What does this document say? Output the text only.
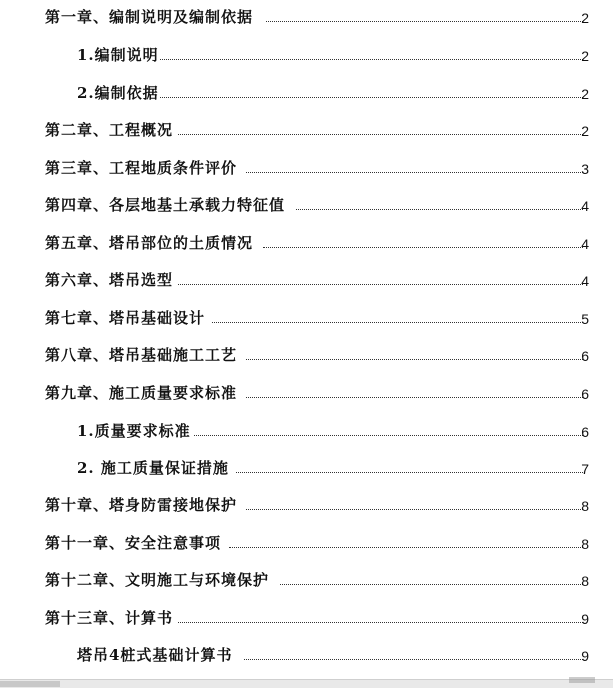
第一章、编制说明及编制依据	2
1.编制说明	2
2.编制依据	2
第二章、工程概况	2
第三章、工程地质条件评价	3
第四章、各层地基土承载力特征值	4
第五章、塔吊部位的土质情况	4
第六章、塔吊选型	4
第七章、塔吊基础设计	5
第八章、塔吊基础施工工艺	6
第九章、施工质量要求标准	6
1.质量要求标准	6
2. 施工质量保证措施	7
第十章、塔身防雷接地保护	8
第十一章、安全注意事项	8
第十二章、文明施工与环境保护	8
第十三章、计算书	9
塔吊4桩式基础计算书	9
